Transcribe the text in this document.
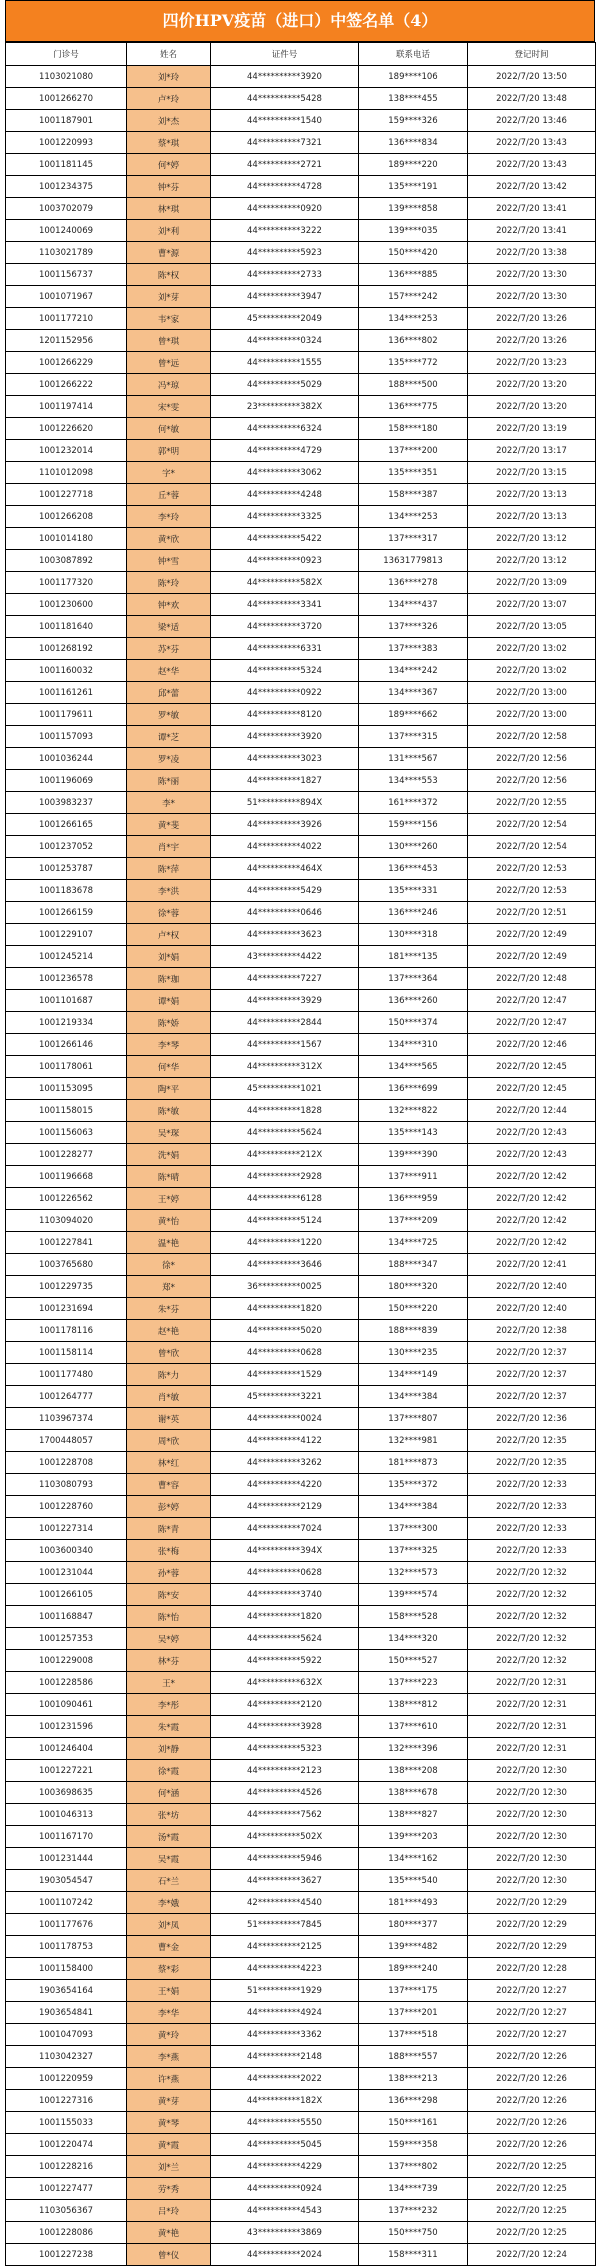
四价HPV疫苗（进口）中签名单（4）
门诊号	姓名	证件号	联系电话	登记时间
1103021080	刘*玲	44**********3920	189****106	2022/7/20 13:50
1001266270	卢*玲	44**********5428	138****455	2022/7/20 13:48
1001187901	刘*杰	44**********1540	159****326	2022/7/20 13:46
1001220993	蔡*琪	44**********7321	136****834	2022/7/20 13:43
1001181145	何*婷	44**********2721	189****220	2022/7/20 13:43
1001234375	钟*芬	44**********4728	135****191	2022/7/20 13:42
1003702079	林*琪	44**********0920	139****858	2022/7/20 13:41
1001240069	刘*利	44**********3222	139****035	2022/7/20 13:41
1103021789	曹*源	44**********5923	150****420	2022/7/20 13:38
1001156737	陈*权	44**********2733	136****885	2022/7/20 13:30
1001071967	刘*芽	44**********3947	157****242	2022/7/20 13:30
1001177210	韦*家	45**********2049	134****253	2022/7/20 13:26
1201152956	曾*琪	44**********0324	136****802	2022/7/20 13:26
1001266229	曾*远	44**********1555	135****772	2022/7/20 13:23
1001266222	冯*琼	44**********5029	188****500	2022/7/20 13:20
1001197414	宋*雯	23**********382X	136****775	2022/7/20 13:20
1001226620	何*敏	44**********6324	158****180	2022/7/20 13:19
1001232014	郭*明	44**********4729	137****200	2022/7/20 13:17
1101012098	字*	44**********3062	135****351	2022/7/20 13:15
1001227718	丘*蓉	44**********4248	158****387	2022/7/20 13:13
1001266208	李*玲	44**********3325	134****253	2022/7/20 13:13
1001014180	黄*欣	44**********5422	137****317	2022/7/20 13:12
1003087892	钟*雪	44**********0923	13631779813	2022/7/20 13:12
1001177320	陈*玲	44**********582X	136****278	2022/7/20 13:09
1001230600	钟*欢	44**********3341	134****437	2022/7/20 13:07
1001181640	梁*适	44**********3720	137****326	2022/7/20 13:05
1001268192	苏*芬	44**********6331	137****383	2022/7/20 13:02
1001160032	赵*华	44**********5324	134****242	2022/7/20 13:02
1001161261	邱*蕾	44**********0922	134****367	2022/7/20 13:00
1001179611	罗*敏	44**********8120	189****662	2022/7/20 13:00
1001157093	谭*芝	44**********3920	137****315	2022/7/20 12:58
1001036244	罗*凌	44**********3023	131****567	2022/7/20 12:56
1001196069	陈*丽	44**********1827	134****553	2022/7/20 12:56
1003983237	李*	51**********894X	161****372	2022/7/20 12:55
1001266165	黄*斐	44**********3926	159****156	2022/7/20 12:54
1001237052	肖*宇	44**********4022	130****260	2022/7/20 12:54
1001253787	陈*萍	44**********464X	136****453	2022/7/20 12:53
1001183678	李*洪	44**********5429	135****331	2022/7/20 12:53
1001266159	徐*蓉	44**********0646	136****246	2022/7/20 12:51
1001229107	卢*权	44**********3623	130****318	2022/7/20 12:49
1001245214	刘*娟	43**********4422	181****135	2022/7/20 12:49
1001236578	陈*珈	44**********7227	137****364	2022/7/20 12:48
1001101687	谭*娟	44**********3929	136****260	2022/7/20 12:47
1001219334	陈*娇	44**********2844	150****374	2022/7/20 12:47
1001266146	李*琴	44**********1567	134****310	2022/7/20 12:46
1001178061	何*华	44**********312X	134****565	2022/7/20 12:45
1001153095	陶*平	45**********1021	136****699	2022/7/20 12:45
1001158015	陈*敏	44**********1828	132****822	2022/7/20 12:44
1001156063	吴*琛	44**********5624	135****143	2022/7/20 12:43
1001228277	洗*娟	44**********212X	139****390	2022/7/20 12:43
1001196668	陈*晴	44**********2928	137****911	2022/7/20 12:42
1001226562	王*婷	44**********6128	136****959	2022/7/20 12:42
1103094020	黄*怡	44**********5124	137****209	2022/7/20 12:42
1001227841	温*艳	44**********1220	134****725	2022/7/20 12:42
1003765680	徐*	44**********3646	188****347	2022/7/20 12:41
1001229735	郑*	36**********0025	180****320	2022/7/20 12:40
1001231694	朱*芬	44**********1820	150****220	2022/7/20 12:40
1001178116	赵*艳	44**********5020	188****839	2022/7/20 12:38
1001158114	曾*欣	44**********0628	130****235	2022/7/20 12:37
1001177480	陈*力	44**********1529	134****149	2022/7/20 12:37
1001264777	肖*敏	45**********3221	134****384	2022/7/20 12:37
1103967374	谢*英	44**********0024	137****807	2022/7/20 12:36
1700448057	周*欣	44**********4122	132****981	2022/7/20 12:35
1001228708	林*红	44**********3262	181****873	2022/7/20 12:35
1103080793	曹*容	44**********4220	135****372	2022/7/20 12:33
1001228760	彭*婷	44**********2129	134****384	2022/7/20 12:33
1001227314	陈*青	44**********7024	137****300	2022/7/20 12:33
1003600340	张*梅	44**********394X	137****325	2022/7/20 12:33
1001231044	孙*蓉	44**********0628	132****573	2022/7/20 12:32
1001266105	陈*安	44**********3740	139****574	2022/7/20 12:32
1001168847	陈*怡	44**********1820	158****528	2022/7/20 12:32
1001257353	吴*婷	44**********5624	134****320	2022/7/20 12:32
1001229008	林*芬	44**********5922	150****527	2022/7/20 12:32
1001228586	王*	44**********632X	137****223	2022/7/20 12:31
1001090461	李*彤	44**********2120	138****812	2022/7/20 12:31
1001231596	朱*霞	44**********3928	137****610	2022/7/20 12:31
1001246404	刘*静	44**********5323	132****396	2022/7/20 12:31
1001227221	徐*霞	44**********2123	138****208	2022/7/20 12:30
1003698635	何*涵	44**********4526	138****678	2022/7/20 12:30
1001046313	张*坊	44**********7562	138****827	2022/7/20 12:30
1001167170	汤*霞	44**********502X	139****203	2022/7/20 12:30
1001231444	吴*霞	44**********5946	134****162	2022/7/20 12:30
1903054547	石*兰	44**********3627	135****540	2022/7/20 12:30
1001107242	李*娥	42**********4540	181****493	2022/7/20 12:29
1001177676	刘*凤	51**********7845	180****377	2022/7/20 12:29
1001178753	曹*金	44**********2125	139****482	2022/7/20 12:29
1001158400	蔡*彩	44**********4223	189****240	2022/7/20 12:28
1903654164	王*娟	51**********1929	137****175	2022/7/20 12:27
1903654841	李*华	44**********4924	137****201	2022/7/20 12:27
1001047093	黄*玲	44**********3362	137****518	2022/7/20 12:27
1103042327	李*燕	44**********2148	188****557	2022/7/20 12:26
1001220959	许*燕	44**********2022	138****213	2022/7/20 12:26
1001227316	黄*芽	44**********182X	136****298	2022/7/20 12:26
1001155033	黄*琴	44**********5550	150****161	2022/7/20 12:26
1001220474	黄*霞	44**********5045	159****358	2022/7/20 12:26
1001228216	刘*兰	44**********4229	137****802	2022/7/20 12:25
1001227477	劳*秀	44**********0924	134****739	2022/7/20 12:25
1103056367	吕*玲	44**********4543	137****232	2022/7/20 12:25
1001228086	黄*艳	43**********3869	150****750	2022/7/20 12:25
1001227238	曾*仪	44**********2024	158****311	2022/7/20 12:24
